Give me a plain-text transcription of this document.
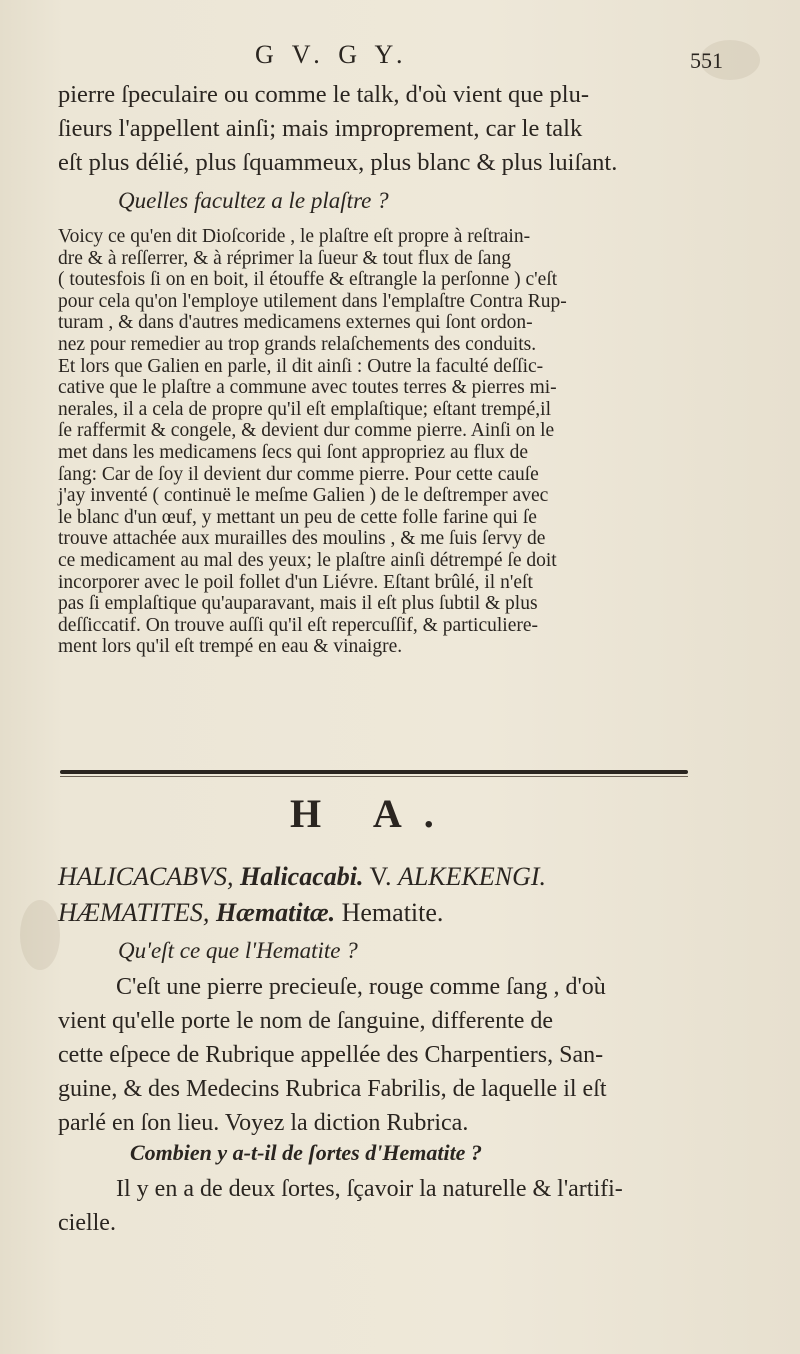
G V. G Y.	551

pierre ſpeculaire ou comme le talk, d'où vient que plu-
ſieurs l'appellent ainſi; mais improprement, car le talk
eſt plus délié, plus ſquammeux, plus blanc & plus luiſant.

Quelles facultez a le plaſtre ?

Voicy ce qu'en dit Dioſcoride , le plaſtre eſt propre à reſtrain-
dre & à reſſerrer, & à réprimer la ſueur & tout flux de ſang
( toutesfois ſi on en boit, il étouffe & eſtrangle la perſonne ) c'eſt
pour cela qu'on l'employe utilement dans l'emplaſtre Contra Rup-
turam , & dans d'autres medicamens externes qui ſont ordon-
nez pour remedier au trop grands relaſchements des conduits.
Et lors que Galien en parle, il dit ainſi : Outre la faculté deſſic-
cative que le plaſtre a commune avec toutes terres & pierres mi-
nerales, il a cela de propre qu'il eſt emplaſtique; eſtant trempé,il
ſe raffermit & congele, & devient dur comme pierre. Ainſi on le
met dans les medicamens ſecs qui ſont appropriez au flux de
ſang: Car de ſoy il devient dur comme pierre. Pour cette cauſe
j'ay inventé ( continuë le meſme Galien ) de le deſtremper avec
le blanc d'un œuf, y mettant un peu de cette folle farine qui ſe
trouve attachée aux murailles des moulins , & me ſuis ſervy de
ce medicament au mal des yeux; le plaſtre ainſi détrempé ſe doit
incorporer avec le poil follet d'un Liévre. Eſtant brûlé, il n'eſt
pas ſi emplaſtique qu'auparavant, mais il eſt plus ſubtil & plus
deſſiccatif. On trouve auſſi qu'il eſt repercuſſif, & particuliere-
ment lors qu'il eſt trempé en eau & vinaigre.

H A.
HALICACABVS, Halicacabi. V. ALKEKENGI.
HÆMATITES, Hæmatitæ. Hematite.
Qu'eſt ce que l'Hematite ?

C'eſt une pierre precieuſe, rouge comme ſang , d'où
vient qu'elle porte le nom de ſanguine, differente de
cette eſpece de Rubrique appellée des Charpentiers, San-
guine, & des Medecins Rubrica Fabrilis, de laquelle il eſt
parlé en ſon lieu. Voyez la diction Rubrica.

Combien y a-t-il de ſortes d'Hematite ?

Il y en a de deux ſortes, ſçavoir la naturelle & l'artifi-
cielle.
